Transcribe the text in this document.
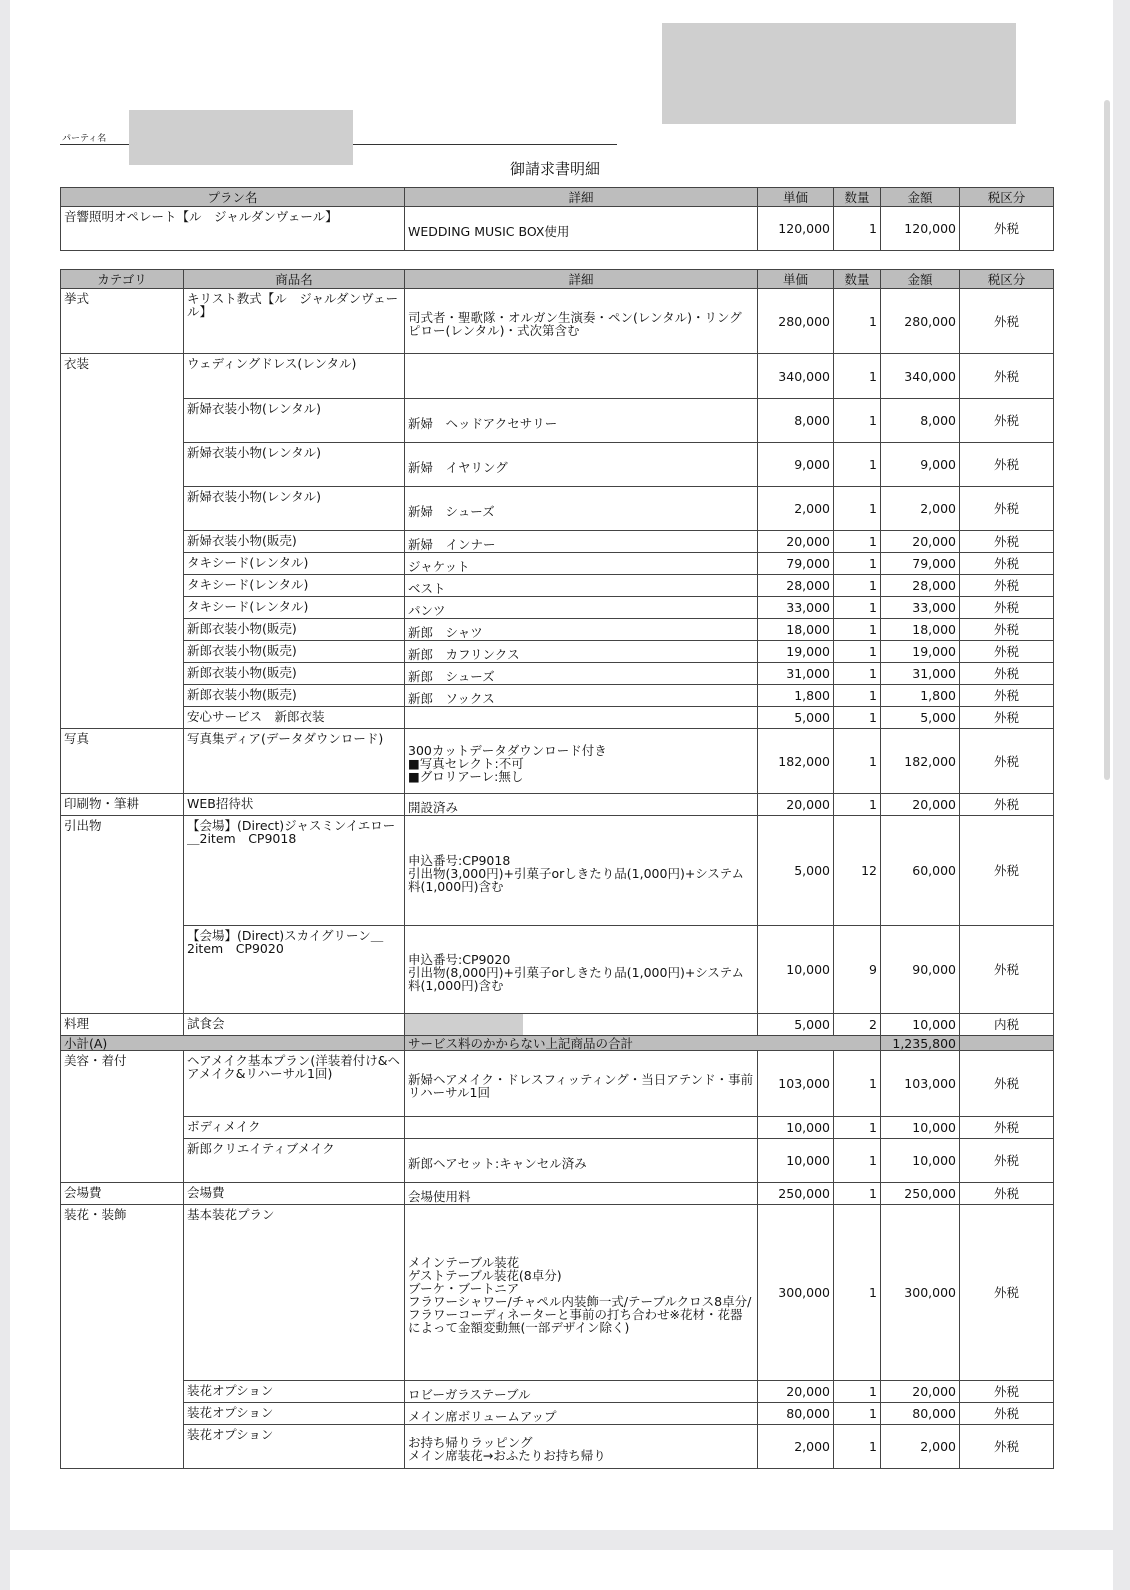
パーティ名
御請求書明細
プラン名	詳細	単価	数量	金額	税区分
音響照明オペレート【ル　ジャルダンヴェール】	WEDDING MUSIC BOX使用	120,000	1	120,000	外税
カテゴリ	商品名	詳細	単価	数量	金額	税区分
挙式	キリスト教式【ル　ジャルダンヴェール】	司式者・聖歌隊・オルガン生演奏・ペン(レンタル)・リングピロー(レンタル)・式次第含む	280,000	1	280,000	外税
衣装	ウェディングドレス(レンタル)		340,000	1	340,000	外税
	新婦衣装小物(レンタル)	新婦　ヘッドアクセサリー	8,000	1	8,000	外税
	新婦衣装小物(レンタル)	新婦　イヤリング	9,000	1	9,000	外税
	新婦衣装小物(レンタル)	新婦　シューズ	2,000	1	2,000	外税
	新婦衣装小物(販売)	新婦　インナー	20,000	1	20,000	外税
	タキシード(レンタル)	ジャケット	79,000	1	79,000	外税
	タキシード(レンタル)	ベスト	28,000	1	28,000	外税
	タキシード(レンタル)	パンツ	33,000	1	33,000	外税
	新郎衣装小物(販売)	新郎　シャツ	18,000	1	18,000	外税
	新郎衣装小物(販売)	新郎　カフリンクス	19,000	1	19,000	外税
	新郎衣装小物(販売)	新郎　シューズ	31,000	1	31,000	外税
	新郎衣装小物(販売)	新郎　ソックス	1,800	1	1,800	外税
	安心サービス　新郎衣装		5,000	1	5,000	外税
写真	写真集ディア(データダウンロード)	300カットデータダウンロード付き
■写真セレクト:不可
■グロリアーレ:無し	182,000	1	182,000	外税
印刷物・筆耕	WEB招待状	開設済み	20,000	1	20,000	外税
引出物	【会場】(Direct)ジャスミンイエロー＿2item　CP9018	申込番号:CP9018
引出物(3,000円)+引菓子orしきたり品(1,000円)+システム料(1,000円)含む	5,000	12	60,000	外税
	【会場】(Direct)スカイグリーン＿2item　CP9020	申込番号:CP9020
引出物(8,000円)+引菓子orしきたり品(1,000円)+システム料(1,000円)含む	10,000	9	90,000	外税
料理	試食会		5,000	2	10,000	内税
小計(A)		サービス料のかからない上記商品の合計			1,235,800	
美容・着付	ヘアメイク基本プラン(洋装着付け&ヘアメイク&リハーサル1回)	新婦ヘアメイク・ドレスフィッティング・当日アテンド・事前リハーサル1回	103,000	1	103,000	外税
	ボディメイク		10,000	1	10,000	外税
	新郎クリエイティブメイク	新郎ヘアセット:キャンセル済み	10,000	1	10,000	外税
会場費	会場費	会場使用料	250,000	1	250,000	外税
装花・装飾	基本装花プラン	メインテーブル装花
ゲストテーブル装花(8卓分)
ブーケ・ブートニア
フラワーシャワー/チャペル内装飾一式/テーブルクロス8卓分/フラワーコーディネーターと事前の打ち合わせ※花材・花器によって金額変動無(一部デザイン除く)	300,000	1	300,000	外税
	装花オプション	ロビーガラステーブル	20,000	1	20,000	外税
	装花オプション	メイン席ボリュームアップ	80,000	1	80,000	外税
	装花オプション	お持ち帰りラッピング
メイン席装花→おふたりお持ち帰り	2,000	1	2,000	外税
